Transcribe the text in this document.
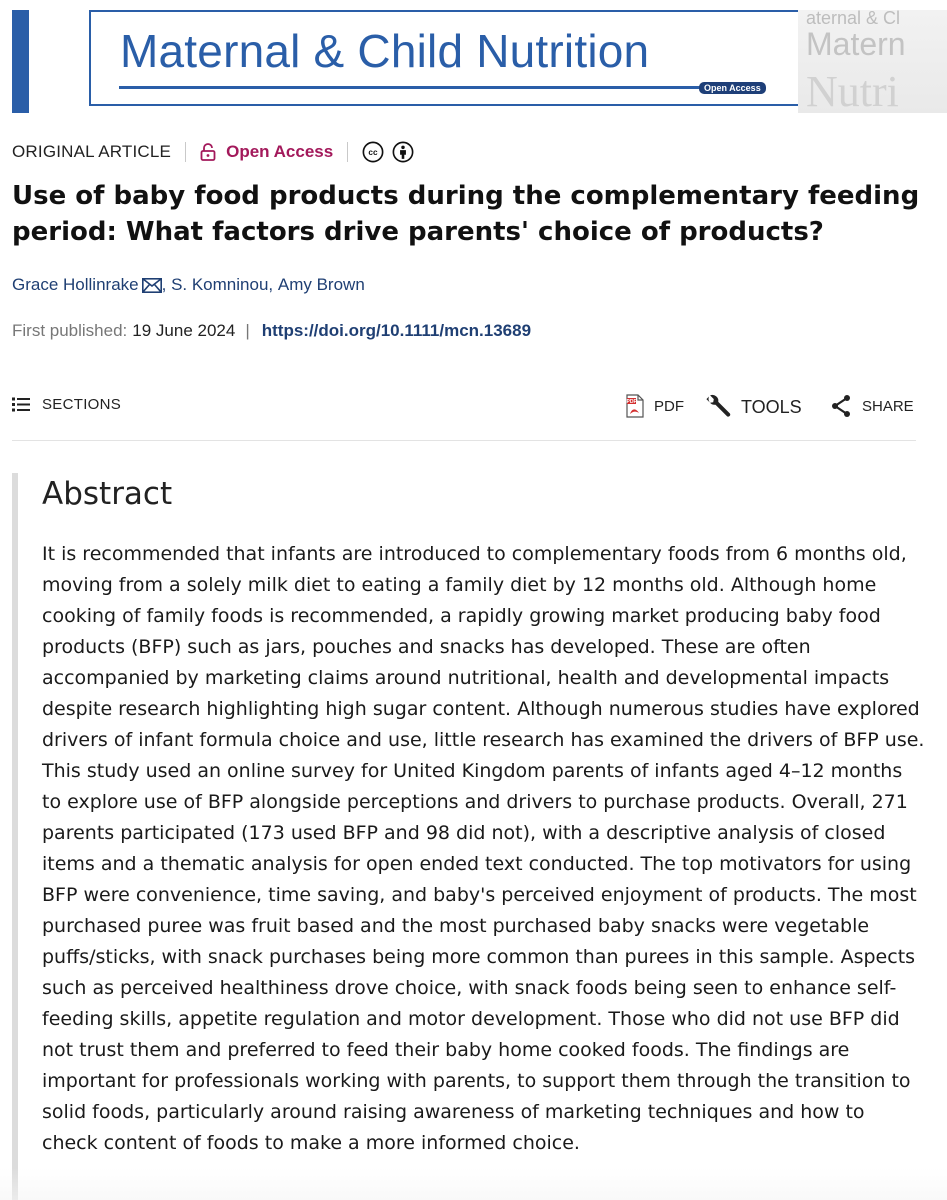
Maternal & Child Nutrition
Open Access
aternal & Cl
Matern
Nutri
ORIGINAL ARTICLE	Open Access	cc
Use of baby food products during the complementary feeding period: What factors drive parents' choice of products?
Grace Hollinrake , S. Komninou , Amy Brown
First published: 19 June 2024 | https://doi.org/10.1111/mcn.13689
SECTIONS	PDF PDF	TOOLS	SHARE
Abstract

It is recommended that infants are introduced to complementary foods from 6 months old, moving from a solely milk diet to eating a family diet by 12 months old. Although home cooking of family foods is recommended, a rapidly growing market producing baby food products (BFP) such as jars, pouches and snacks has developed. These are often accompanied by marketing claims around nutritional, health and developmental impacts despite research highlighting high sugar content. Although numerous studies have explored drivers of infant formula choice and use, little research has examined the drivers of BFP use. This study used an online survey for United Kingdom parents of infants aged 4–12 months to explore use of BFP alongside perceptions and drivers to purchase products. Overall, 271 parents participated (173 used BFP and 98 did not), with a descriptive analysis of closed items and a thematic analysis for open ended text conducted. The top motivators for using BFP were convenience, time saving, and baby's perceived enjoyment of products. The most purchased puree was fruit based and the most purchased baby snacks were vegetable puffs/sticks, with snack purchases being more common than purees in this sample. Aspects such as perceived healthiness drove choice, with snack foods being seen to enhance self-feeding skills, appetite regulation and motor development. Those who did not use BFP did not trust them and preferred to feed their baby home cooked foods. The findings are important for professionals working with parents, to support them through the transition to solid foods, particularly around raising awareness of marketing techniques and how to check content of foods to make a more informed choice.
